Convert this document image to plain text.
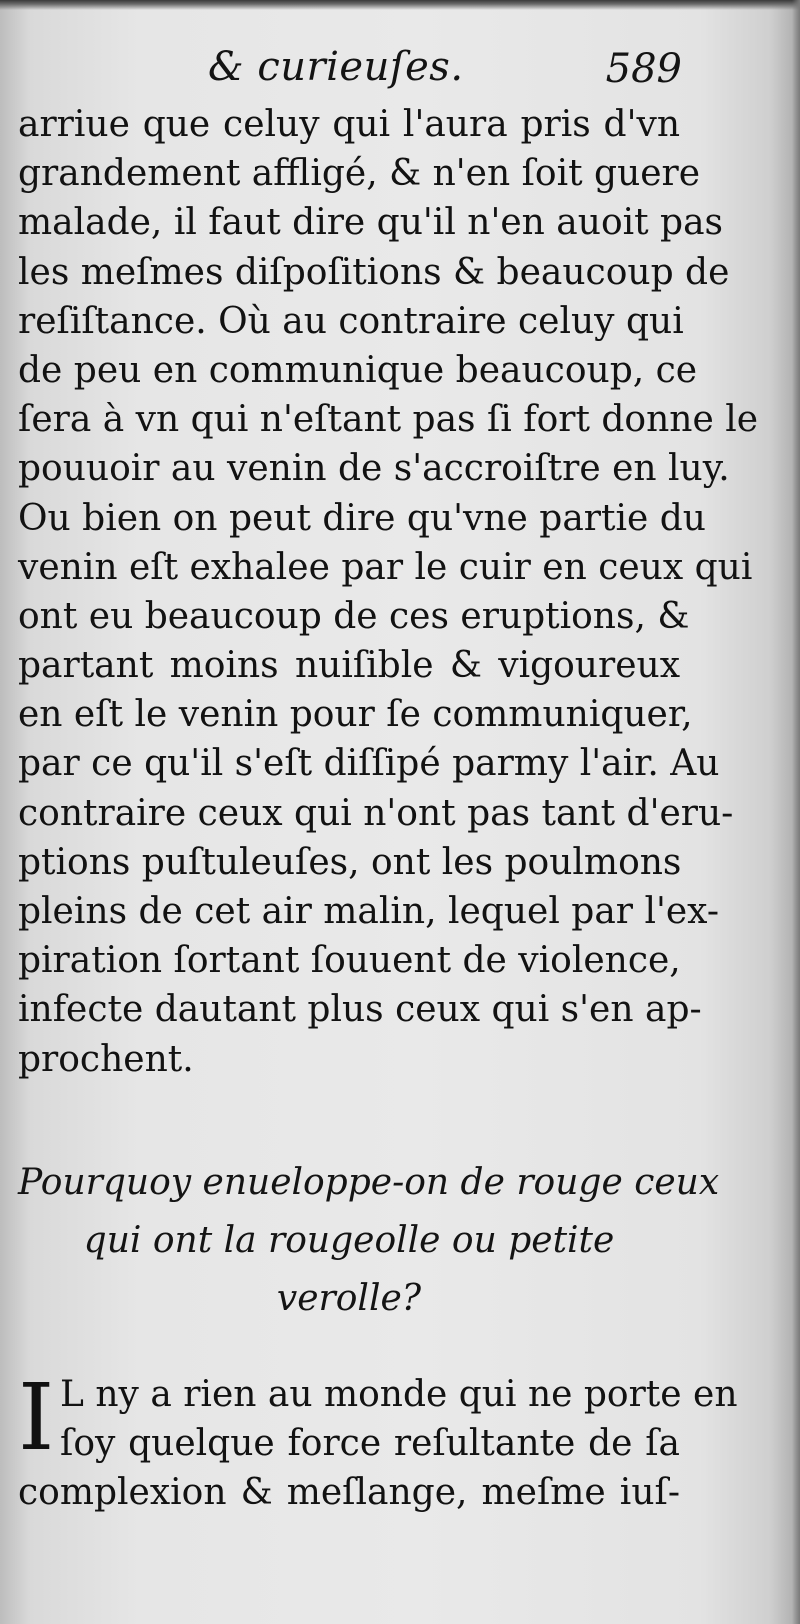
& curieuſes.	589
arriue que celuy qui l'aura pris d'vn
grandement affligé, & n'en ſoit guere
malade, il faut dire qu'il n'en auoit pas
les meſmes diſpoſitions & beaucoup de
reſiſtance. Où au contraire celuy qui
de peu en communique beaucoup, ce
ſera à vn qui n'eſtant pas ſi fort donne le
pouuoir au venin de s'accroiſtre en luy.
Ou bien on peut dire qu'vne partie du
venin eſt exhalee par le cuir en ceux qui
ont eu beaucoup de ces eruptions, &
partant moins nuiſible & vigoureux
en eſt le venin pour ſe communiquer,
par ce qu'il s'eſt diſſipé parmy l'air. Au
contraire ceux qui n'ont pas tant d'eru-
ptions puſtuleuſes, ont les poulmons
pleins de cet air malin, lequel par l'ex-
piration ſortant ſouuent de violence,
infecte dautant plus ceux qui s'en ap-
prochent.
Pourquoy enueloppe-on de rouge ceux
qui ont la rougeolle ou petite
verolle?
I L ny a rien au monde qui ne porte en
ſoy quelque force reſultante de ſa
complexion & meſlange, meſme iuſ-
